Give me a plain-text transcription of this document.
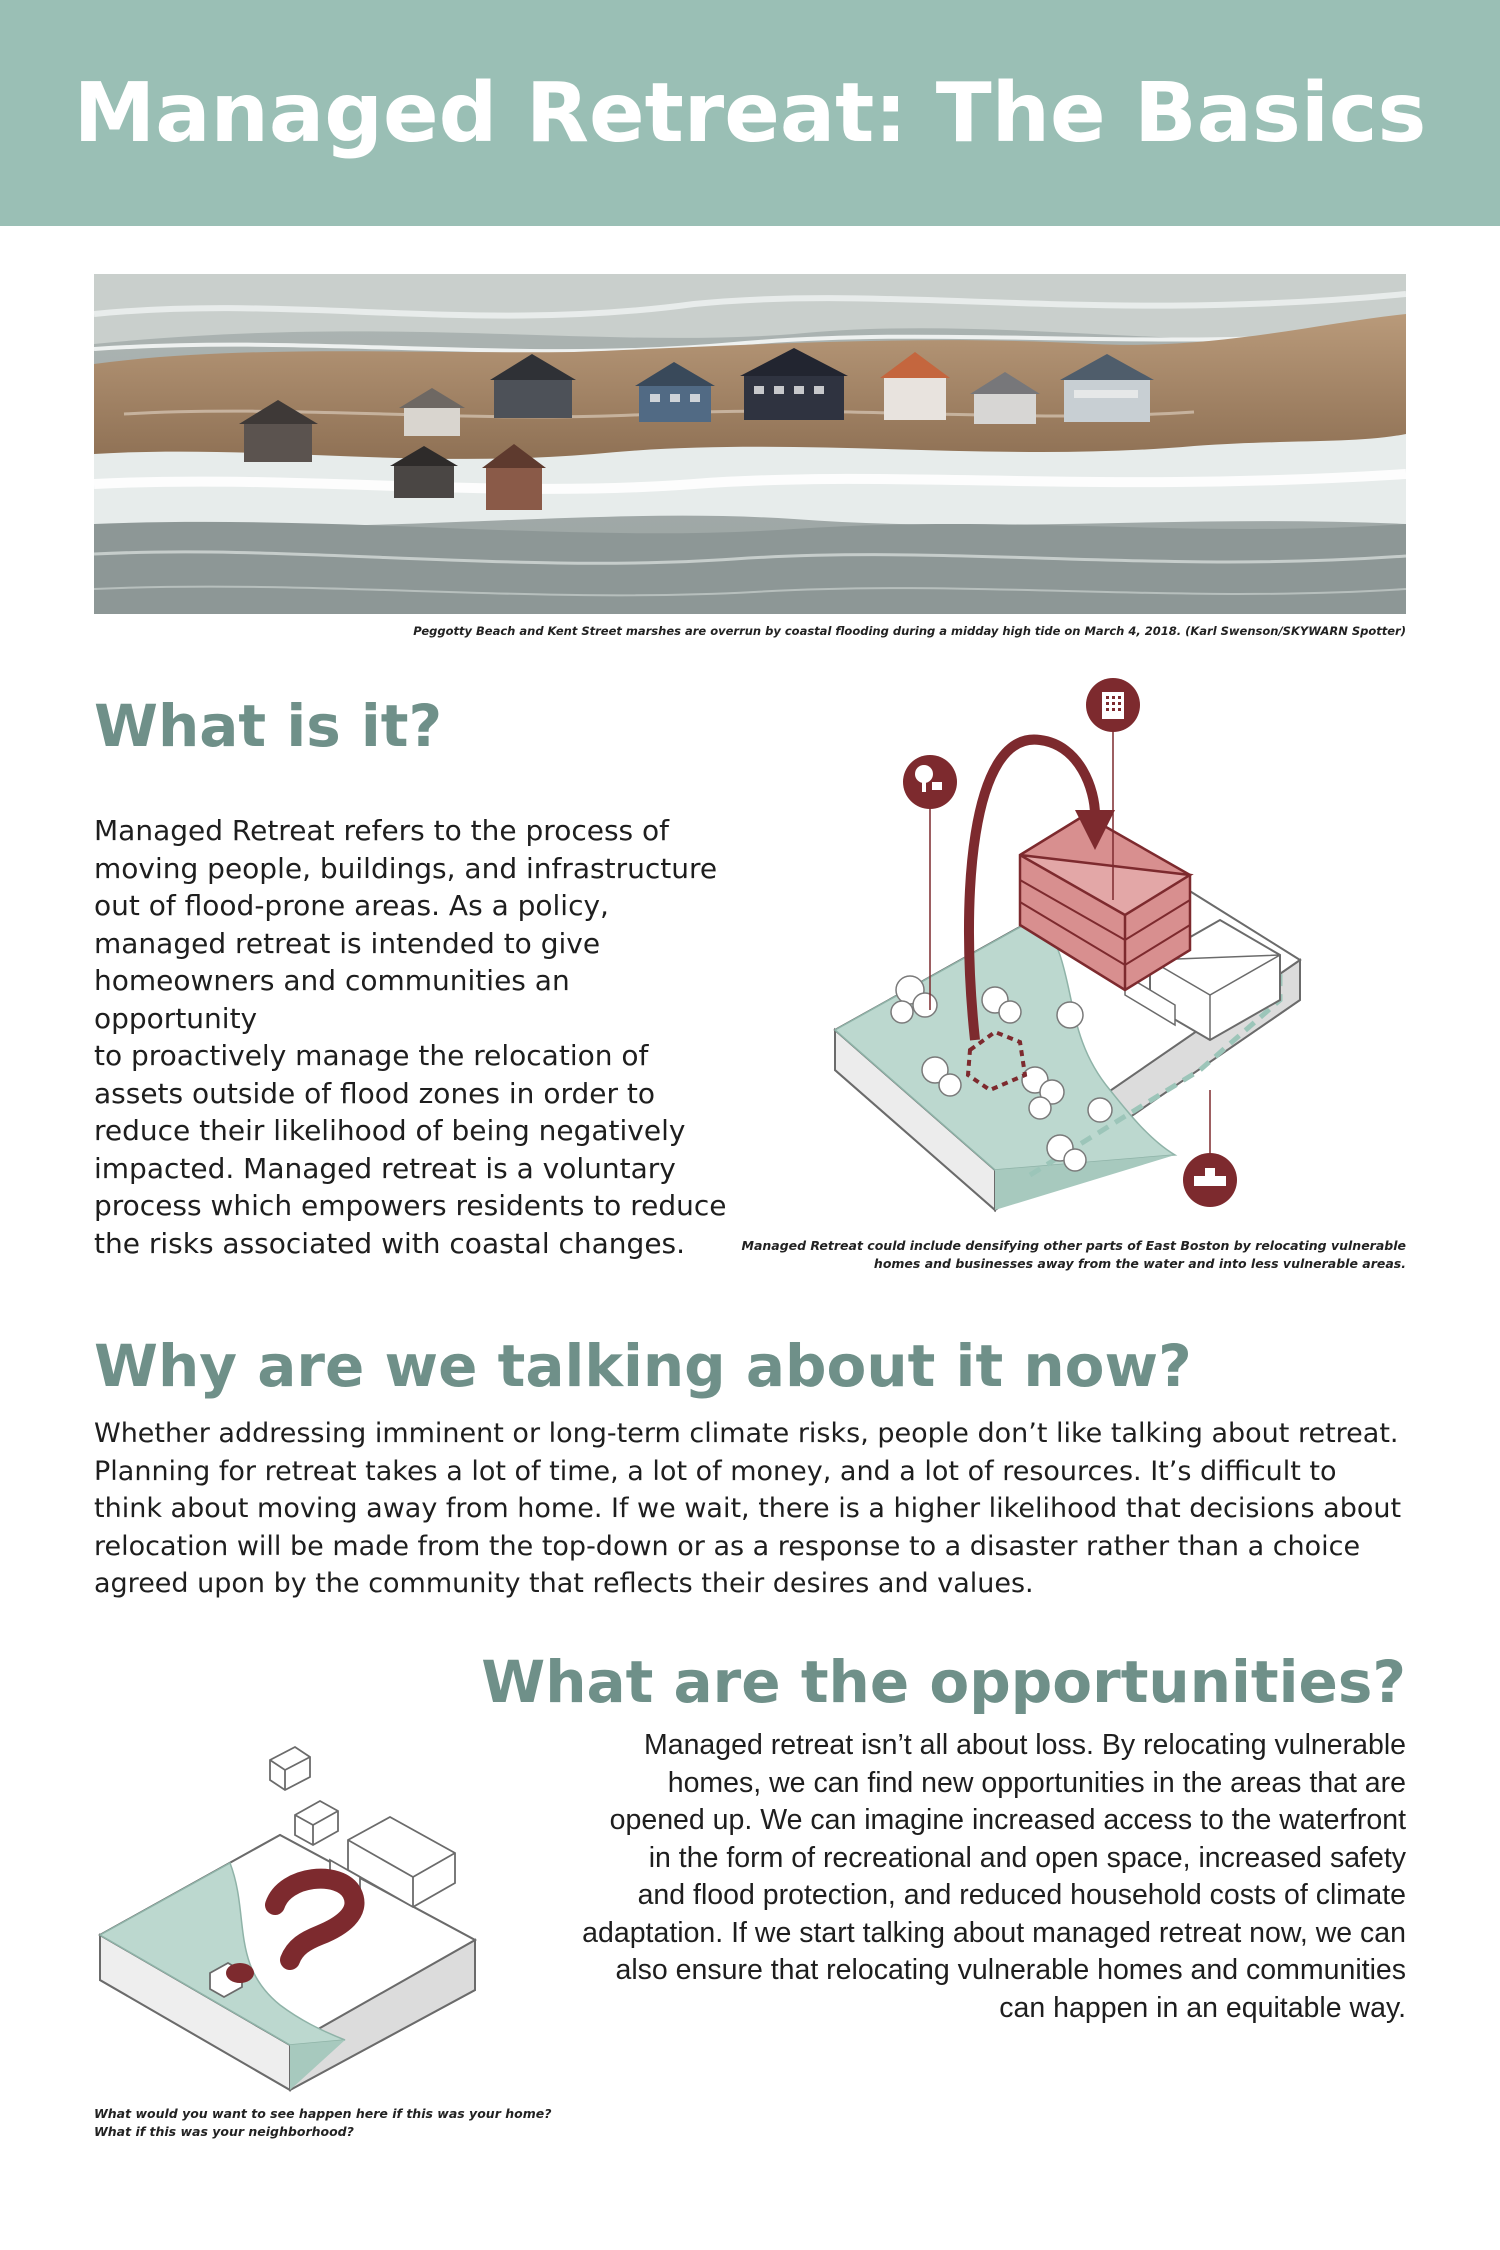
Managed Retreat: The Basics
Peggotty Beach and Kent Street marshes are overrun by coastal flooding during a midday high tide on March 4, 2018. (Karl Swenson/SKYWARN Spotter)
What is it?
Managed Retreat refers to the process of
moving people, buildings, and infrastructure
out of flood-prone areas. As a policy,
managed retreat is intended to give
homeowners and communities an opportunity
to proactively manage the relocation of
assets outside of flood zones in order to
reduce their likelihood of being negatively
impacted. Managed retreat is a voluntary
process which empowers residents to reduce
the risks associated with coastal changes.	Managed Retreat could include densifying other parts of East Boston by relocating vulnerable
homes and businesses away from the water and into less vulnerable areas.
Why are we talking about it now?
Whether addressing imminent or long-term climate risks, people don’t like talking about retreat.
Planning for retreat takes a lot of time, a lot of money, and a lot of resources. It’s difficult to
think about moving away from home. If we wait, there is a higher likelihood that decisions about
relocation will be made from the top-down or as a response to a disaster rather than a choice
agreed upon by the community that reflects their desires and values.
What are the opportunities?
Managed retreat isn’t all about loss. By relocating vulnerable
homes, we can find new opportunities in the areas that are
opened up. We can imagine increased access to the waterfront
in the form of recreational and open space, increased safety
and flood protection, and reduced household costs of climate
adaptation. If we start talking about managed retreat now, we can
also ensure that relocating vulnerable homes and communities
can happen in an equitable way.
What would you want to see happen here if this was your home?
What if this was your neighborhood?
